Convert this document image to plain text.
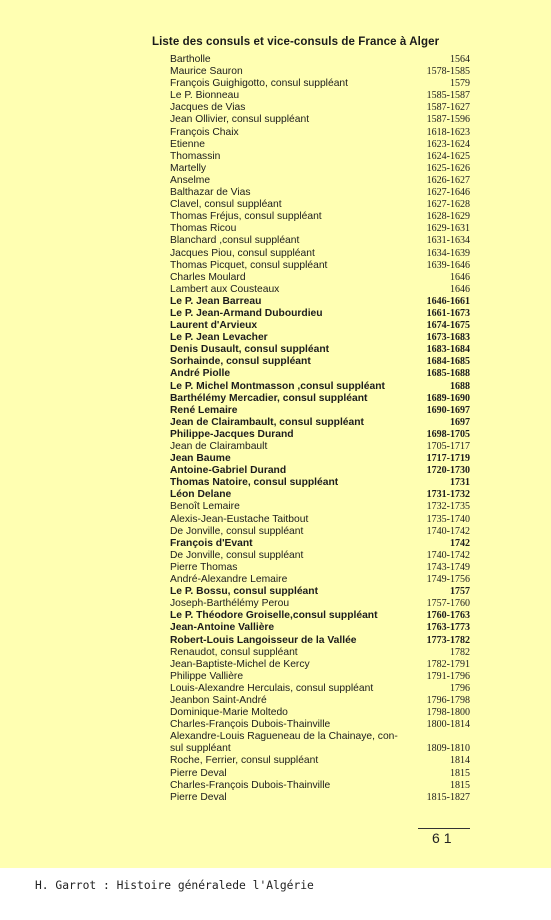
Liste des consuls et vice-consuls de France à Alger
Bartholle	1564
Maurice Sauron	1578-1585
François Guighigotto, consul suppléant	1579
Le P. Bionneau	1585-1587
Jacques de Vias	1587-1627
Jean Ollivier, consul suppléant	1587-1596
François Chaix	1618-1623
Etienne	1623-1624
Thomassin	1624-1625
Martelly	1625-1626
Anselme	1626-1627
Balthazar de Vias	1627-1646
Clavel, consul suppléant	1627-1628
Thomas Fréjus, consul suppléant	1628-1629
Thomas Ricou	1629-1631
Blanchard ,consul suppléant	1631-1634
Jacques Piou, consul suppléant	1634-1639
Thomas Picquet, consul suppléant	1639-1646
Charles Moulard	1646
Lambert aux Cousteaux	1646
Le P. Jean Barreau	1646-1661
Le P. Jean-Armand Dubourdieu	1661-1673
Laurent d'Arvieux	1674-1675
Le P. Jean Levacher	1673-1683
Denis Dusault, consul suppléant	1683-1684
Sorhainde, consul suppléant	1684-1685
André Piolle	1685-1688
Le P. Michel Montmasson ,consul suppléant	1688
Barthélémy Mercadier, consul suppléant	1689-1690
René Lemaire	1690-1697
Jean de Clairambault, consul suppléant	1697
Philippe-Jacques Durand	1698-1705
Jean de Clairambault	1705-1717
Jean Baume	1717-1719
Antoine-Gabriel Durand	1720-1730
Thomas Natoire, consul suppléant	1731
Léon Delane	1731-1732
Benoît Lemaire	1732-1735
Alexis-Jean-Eustache Taitbout	1735-1740
De Jonville, consul suppléant	1740-1742
François d'Evant	1742
De Jonville, consul suppléant	1740-1742
Pierre Thomas	1743-1749
André-Alexandre Lemaire	1749-1756
Le P. Bossu, consul suppléant	1757
Joseph-Barthélémy Perou	1757-1760
Le P. Théodore Groiselle,consul suppléant	1760-1763
Jean-Antoine Vallière	1763-1773
Robert-Louis Langoisseur de la Vallée	1773-1782
Renaudot, consul suppléant	1782
Jean-Baptiste-Michel de Kercy	1782-1791
Philippe Vallière	1791-1796
Louis-Alexandre Herculais, consul suppléant	1796
Jeanbon Saint-André	1796-1798
Dominique-Marie Moltedo	1798-1800
Charles-François Dubois-Thainville	1800-1814
Alexandre-Louis Ragueneau de la Chainaye, con-
sul suppléant	1809-1810
Roche, Ferrier, consul suppléant	1814
Pierre Deval	1815
Charles-François Dubois-Thainville	1815
Pierre Deval	1815-1827
61
H. Garrot : Histoire généralede l'Algérie
